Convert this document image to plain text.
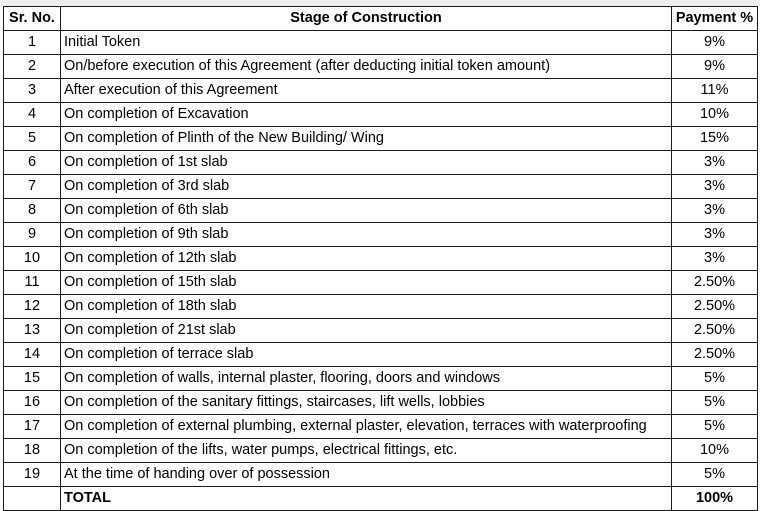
Sr. No.	Stage of Construction	Payment %
1	Initial Token	9%
2	On/before execution of this Agreement (after deducting initial token amount)	9%
3	After execution of this Agreement	11%
4	On completion of Excavation	10%
5	On completion of Plinth of the New Building/ Wing	15%
6	On completion of 1st slab	3%
7	On completion of 3rd slab	3%
8	On completion of 6th slab	3%
9	On completion of 9th slab	3%
10	On completion of 12th slab	3%
11	On completion of 15th slab	2.50%
12	On completion of 18th slab	2.50%
13	On completion of 21st slab	2.50%
14	On completion of terrace slab	2.50%
15	On completion of walls, internal plaster, flooring, doors and windows	5%
16	On completion of the sanitary fittings, staircases, lift wells, lobbies	5%
17	On completion of external plumbing, external plaster, elevation, terraces with waterproofing	5%
18	On completion of the lifts, water pumps, electrical fittings, etc.	10%
19	At the time of handing over of possession	5%
	TOTAL	100%
